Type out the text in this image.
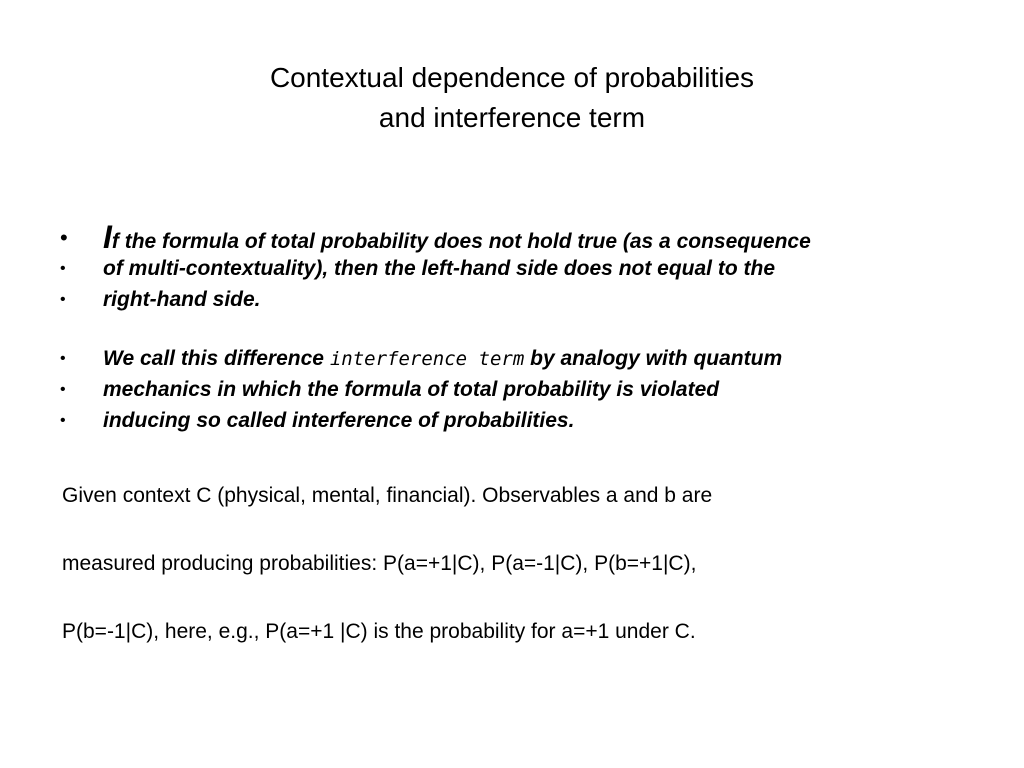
Contextual dependence of probabilities
and interference term
• If the formula of total probability does not hold true (as a consequence
• of multi-contextuality), then the left-hand side does not equal to the
• right-hand side.
• We call this difference interference term by analogy with quantum
• mechanics in which the formula of total probability is violated
• inducing so called interference of probabilities.
Given context C (physical, mental, financial). Observables a and b are
measured producing probabilities: P(a=+1|C), P(a=-1|C), P(b=+1|C),
P(b=-1|C), here, e.g., P(a=+1 |C) is the probability for a=+1 under C.
